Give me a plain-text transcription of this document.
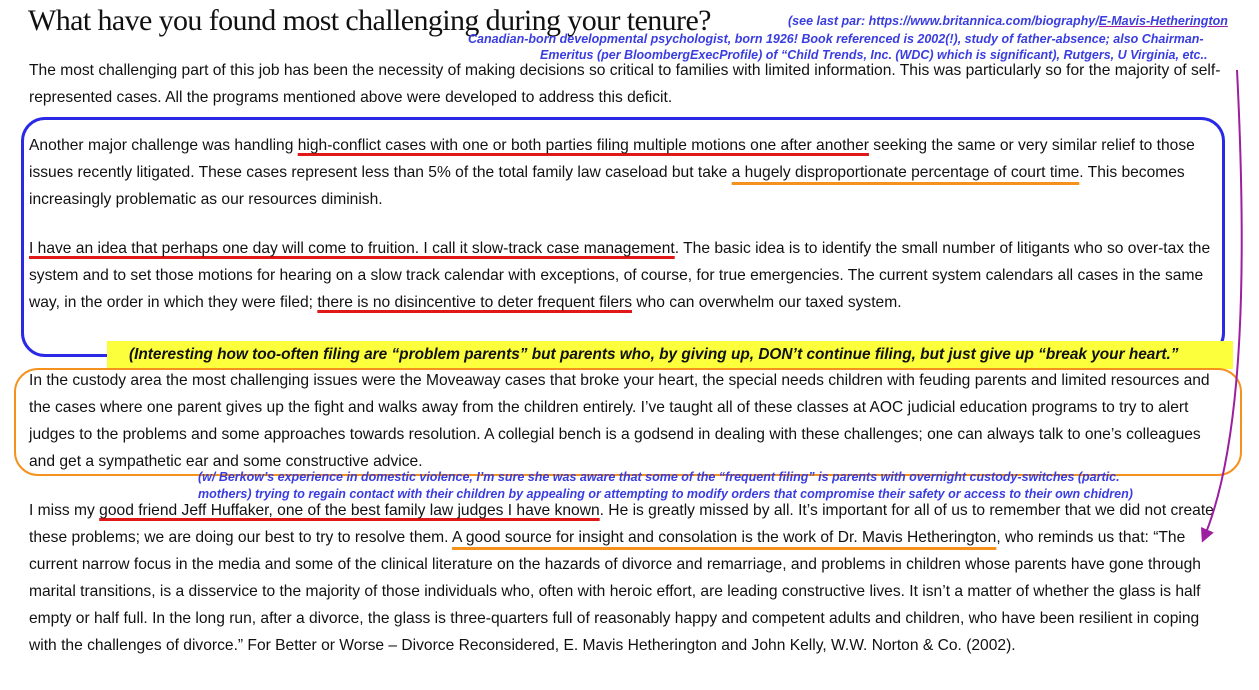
What have you found most challenging during your tenure?	(see last par: https://www.britannica.com/biography/E-Mavis-Hetherington
Canadian-born developmental psychologist, born 1926! Book referenced is 2002(!), study of father-absence; also Chairman-
Emeritus (per BloombergExecProfile) of “Child Trends, Inc. (WDC) which is significant), Rutgers, U Virginia, etc..

The most challenging part of this job has been the necessity of making decisions so critical to families with limited information. This was particularly so for the majority of self-represented cases. All the programs mentioned above were developed to address this deficit.

Another major challenge was handling high-conflict cases with one or both parties filing multiple motions one after another seeking the same or very similar relief to those issues recently litigated. These cases represent less than 5% of the total family law caseload but take a hugely disproportionate percentage of court time. This becomes increasingly problematic as our resources diminish.

I have an idea that perhaps one day will come to fruition. I call it slow-track case management. The basic idea is to identify the small number of litigants who so over-tax the system and to set those motions for hearing on a slow track calendar with exceptions, of course, for true emergencies. The current system calendars all cases in the same way, in the order in which they were filed; there is no disincentive to deter frequent filers who can overwhelm our taxed system.

(Interesting how too-often filing are “problem parents” but parents who, by giving up, DON’t continue filing, but just give up “break your heart.”

In the custody area the most challenging issues were the Moveaway cases that broke your heart, the special needs children with feuding parents and limited resources and the cases where one parent gives up the fight and walks away from the children entirely. I’ve taught all of these classes at AOC judicial education programs to try to alert judges to the problems and some approaches towards resolution. A collegial bench is a godsend in dealing with these challenges; one can always talk to one’s colleagues and get a sympathetic ear and some constructive advice.

(w/ Berkow’s experience in domestic violence, I’m sure she was aware that some of the “frequent filing” is parents with overnight custody-switches (partic.
mothers) trying to regain contact with their children by appealing or attempting to modify orders that compromise their safety or access to their own chidren)

I miss my good friend Jeff Huffaker, one of the best family law judges I have known. He is greatly missed by all. It’s important for all of us to remember that we did not create these problems; we are doing our best to try to resolve them. A good source for insight and consolation is the work of Dr. Mavis Hetherington, who reminds us that: “The current narrow focus in the media and some of the clinical literature on the hazards of divorce and remarriage, and problems in children whose parents have gone through marital transitions, is a disservice to the majority of those individuals who, often with heroic effort, are leading constructive lives. It isn’t a matter of whether the glass is half empty or half full. In the long run, after a divorce, the glass is three-quarters full of reasonably happy and competent adults and children, who have been resilient in coping with the challenges of divorce.” For Better or Worse – Divorce Reconsidered, E. Mavis Hetherington and John Kelly, W.W. Norton & Co. (2002).
